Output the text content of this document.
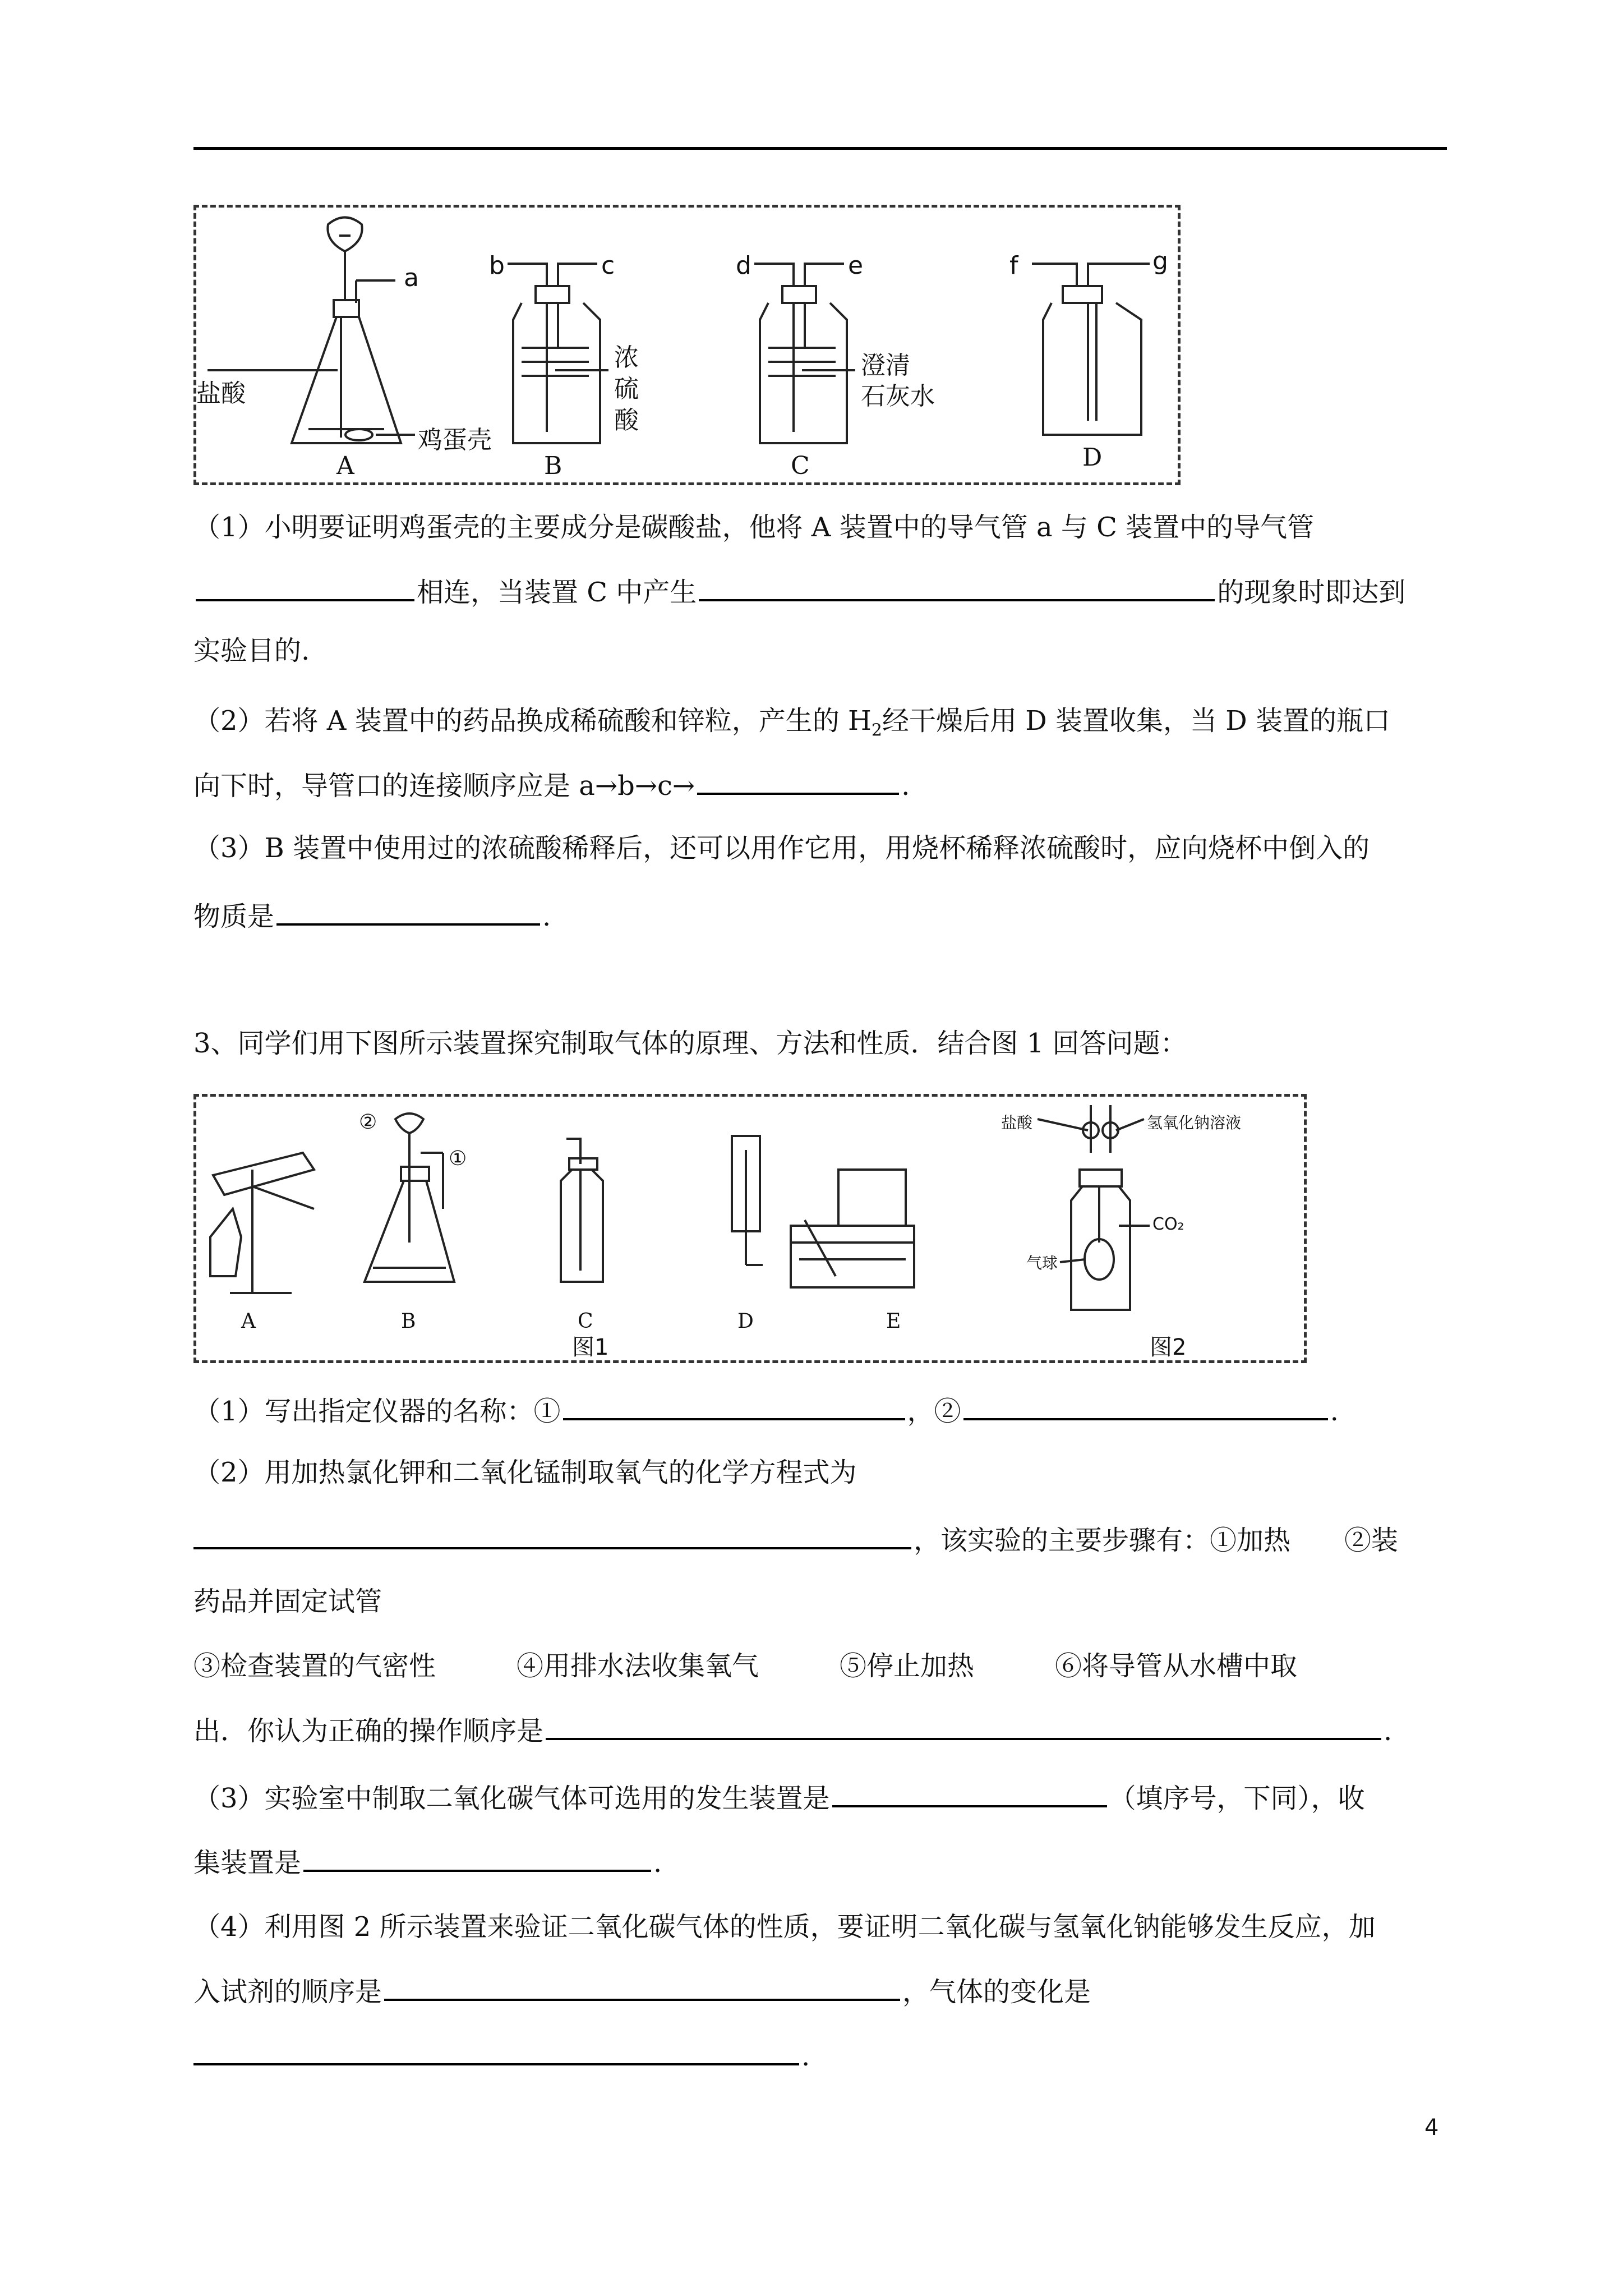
a	b	c	d	e	f	g
盐酸
鸡蛋壳
浓
硫
酸
澄清
石灰水
A	B	C	D
（1）小明要证明鸡蛋壳的主要成分是碳酸盐，他将 A 装置中的导气管 a 与 C 装置中的导气管
相连，当装置 C 中产生	的现象时即达到
实验目的.
（2）若将 A 装置中的药品换成稀硫酸和锌粒，产生的 $H_2$经干燥后用 D 装置收集，当 D 装置的瓶口
向下时，导管口的连接顺序应是 a→b→c→	.
（3）B 装置中使用过的浓硫酸稀释后，还可以用作它用，用烧杯稀释浓硫酸时，应向烧杯中倒入的
物质是	.
3、同学们用下图所示装置探究制取气体的原理、方法和性质．结合图 1 回答问题：
②
①
A	B	C	D	E
图1	图2
盐酸	氢氧化钠溶液
CO₂
气球
（1）写出指定仪器的名称：①	，②	.
（2）用加热氯化钾和二氧化锰制取氧气的化学方程式为
，该实验的主要步骤有：①加热　　②装
药品并固定试管
③检查装置的气密性　　　④用排水法收集氧气　　　⑤停止加热　　　⑥将导管从水槽中取
出．你认为正确的操作顺序是	.
（3）实验室中制取二氧化碳气体可选用的发生装置是	（填序号，下同），收
集装置是	.
（4）利用图 2 所示装置来验证二氧化碳气体的性质，要证明二氧化碳与氢氧化钠能够发生反应，加
入试剂的顺序是	，气体的变化是
.
4
